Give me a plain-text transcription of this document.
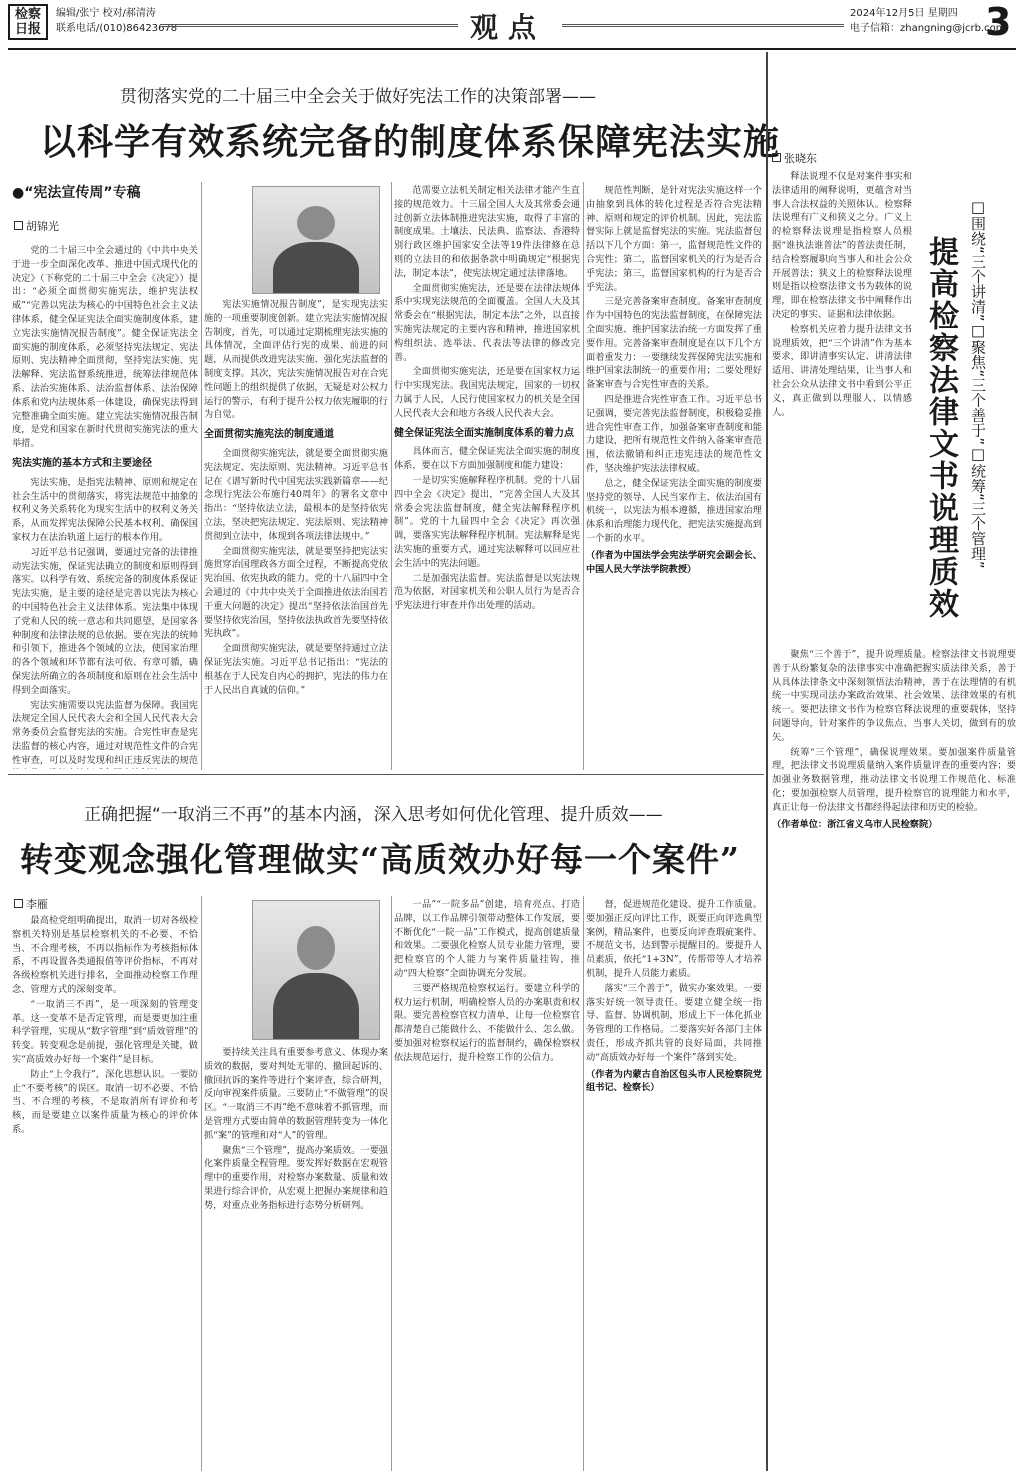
检察日报
编辑/张宁 校对/郝清涛
联系电话/(010)86423678	观点	2024年12月5日 星期四
电子信箱：zhangning@jcrb.com
3
贯彻落实党的二十届三中全会关于做好宪法工作的决策部署——
以科学有效系统完备的制度体系保障宪法实施
●“宪法宣传周”专稿
胡锦光

党的二十届三中全会通过的《中共中央关于进一步全面深化改革、推进中国式现代化的决定》（下称党的二十届三中全会《决定》）提出：“必须全面贯彻实施宪法，维护宪法权威”“完善以宪法为核心的中国特色社会主义法律体系，健全保证宪法全面实施制度体系，建立宪法实施情况报告制度”。健全保证宪法全面实施的制度体系，必须坚持宪法规定、宪法原则、宪法精神全面贯彻，坚持宪法实施、宪法解释、宪法监督系统推进，统筹法律规范体系、法治实施体系、法治监督体系、法治保障体系和党内法规体系一体建设，确保宪法得到完整准确全面实施。建立宪法实施情况报告制度，是党和国家在新时代贯彻实施宪法的重大举措。

宪法实施的基本方式和主要途径

宪法实施，是指宪法精神、原则和规定在社会生活中的贯彻落实，将宪法规范中抽象的权利义务关系转化为现实生活中的权利义务关系，从而发挥宪法保障公民基本权利、确保国家权力在法治轨道上运行的根本作用。

习近平总书记强调，要通过完备的法律推动宪法实施，保证宪法确立的制度和原则得到落实。以科学有效、系统完备的制度体系保证宪法实施，是主要的途径是完善以宪法为核心的中国特色社会主义法律体系。宪法集中体现了党和人民的统一意志和共同愿望，是国家各种制度和法律法规的总依据。要在宪法的统帅和引领下，推进各个领域的立法，使国家治理的各个领域和环节都有法可依、有章可循，确保宪法所确立的各项制度和原则在社会生活中得到全面落实。

宪法实施需要以宪法监督为保障。我国宪法规定全国人民代表大会和全国人民代表大会常务委员会监督宪法的实施。合宪性审查是宪法监督的核心内容，通过对规范性文件的合宪性审查，可以及时发现和纠正违反宪法的规范

宪法实施情况报告制度”，是实现宪法实施的一项重要制度创新。建立宪法实施情况报告制度，首先，可以通过定期梳理宪法实施的具体情况，全面评估行宪的成果、前进的问题，从而提供改进宪法实施、强化宪法监督的制度支撑。其次，宪法实施情况报告对在合宪性问题上的组织提供了依据，无疑是对公权力运行的警示，有利于提升公权力依宪履职的行为自觉。

全面贯彻实施宪法的制度通道

全面贯彻实施宪法，就是要全面贯彻实施宪法规定、宪法原则、宪法精神。习近平总书记在《谱写新时代中国宪法实践新篇章——纪念现行宪法公布施行40周年》的署名文章中指出：“坚持依法立法，最根本的是坚持依宪立法，坚决把宪法规定、宪法原则、宪法精神贯彻到立法中，体现到各项法律法规中。”

全面贯彻实施宪法，就是要坚持把宪法实施贯穿治国理政各方面全过程，不断提高党依宪治国、依宪执政的能力。党的十八届四中全会通过的《中共中央关于全面推进依法治国若干重大问题的决定》提出“坚持依法治国首先要坚持依宪治国，坚持依法执政首先要坚持依宪执政”。

全面贯彻实施宪法，就是要坚持通过立法保证宪法实施。习近平总书记指出：“宪法的根基在于人民发自内心的拥护，宪法的伟力在于人民出自真诚的信仰。”

范需要立法机关制定相关法律才能产生直接的规范效力。十三届全国人大及其常委会通过创新立法体制推进宪法实施，取得了丰富的制度成果。土壤法、民法典、监察法、香港特别行政区维护国家安全法等19件法律修在总则的立法目的和依据条款中明确规定“根据宪法，制定本法”，使宪法规定通过法律落地。

全面贯彻实施宪法，还是要在法律法规体系中实现宪法规范的全面覆盖。全国人大及其常委会在“根据宪法，制定本法”之外，以直接实施宪法规定的主要内容和精神，推进国家机构组织法、选举法、代表法等法律的修改完善。

全面贯彻实施宪法，还是要在国家权力运行中实现宪法。我国宪法规定，国家的一切权力属于人民，人民行使国家权力的机关是全国人民代表大会和地方各级人民代表大会。

健全保证宪法全面实施制度体系的着力点

具体而言，健全保证宪法全面实施的制度体系，要在以下方面加强制度和能力建设：

一是切实实施解释程序机制。党的十八届四中全会《决定》提出，“完善全国人大及其常委会宪法监督制度，健全宪法解释程序机制”。党的十九届四中全会《决定》再次强调，要落实宪法解释程序机制。宪法解释是宪法实施的重要方式，通过宪法解释可以回应社会生活中的宪法问题。

二是加强宪法监督。宪法监督是以宪法规范为依据，对国家机关和公职人员行为是否合乎宪法进行审查并作出处理的活动。

规范性判断，是针对宪法实施这样一个由抽象到具体的转化过程是否符合宪法精神、原则和规定的评价机制。因此，宪法监督实际上就是监督宪法的实施。宪法监督包括以下几个方面：第一，监督规范性文件的合宪性；第二，监督国家机关的行为是否合乎宪法；第三，监督国家机构的行为是否合乎宪法。

三是完善备案审查制度。备案审查制度作为中国特色的宪法监督制度，在保障宪法全面实施、维护国家法治统一方面发挥了重要作用。完善备案审查制度是在以下几个方面着重发力：一要继续发挥保障宪法实施和维护国家法制统一的重要作用；二要处理好备案审查与合宪性审查的关系。

四是推进合宪性审查工作。习近平总书记强调，要完善宪法监督制度，积极稳妥推进合宪性审查工作，加强备案审查制度和能力建设，把所有规范性文件纳入备案审查范围，依法撤销和纠正违宪违法的规范性文件，坚决维护宪法法律权威。

总之，健全保证宪法全面实施的制度要坚持党的领导、人民当家作主、依法治国有机统一，以宪法为根本遵循，推进国家治理体系和治理能力现代化，把宪法实施提高到一个新的水平。

（作者为中国法学会宪法学研究会副会长、中国人民大学法学院教授）
正确把握“一取消三不再”的基本内涵，深入思考如何优化管理、提升质效——
转变观念强化管理做实“高质效办好每一个案件”
李雁

最高检党组明确提出，取消一切对各级检察机关特别是基层检察机关的不必要、不恰当、不合理考核，不再以指标作为考核指标体系，不再设置各类通报值等评价指标，不再对各级检察机关进行排名，全面推动检察工作理念、管理方式的深刻变革。

“一取消三不再”，是一项深刻的管理变革。这一变革不是否定管理，而是要更加注重科学管理，实现从“数字管理”到“质效管理”的转变。转变观念是前提，强化管理是关键，做实“高质效办好每一个案件”是目标。

防止“上令我行”，深化思想认识。一要防止“不要考核”的误区。取消一切不必要、不恰当、不合理的考核，不是取消所有评价和考核，而是要建立以案件质量为核心的评价体系。

要持续关注具有重要参考意义、体现办案质效的数据，要对判处无罪的、撤回起诉的、撤回抗诉的案件等进行个案评查，综合研判，反向审视案件质量。三要防止“不做管理”的误区。“一取消三不再”绝不意味着不抓管理，而是管理方式要由简单的数据管理转变为一体化抓“案”的管理和对“人”的管理。

聚焦“三个管理”，提高办案质效。一要强化案件质量全程管理。要发挥好数据在宏观管理中的重要作用，对检察办案数量、质量和效果进行综合评价，从宏观上把握办案规律和趋势，对重点业务指标进行态势分析研判。

一品”“一院多品”创建，培育亮点、打造品牌，以工作品牌引领带动整体工作发展，要不断优化“一院一品”工作模式，提高创建质量和效果。二要强化检察人员专业能力管理，要把检察官的个人能力与案件质量挂钩，推动“四大检察”全面协调充分发展。

三要严格规范检察权运行。要建立科学的权力运行机制，明确检察人员的办案职责和权限。要完善检察官权力清单，让每一位检察官都清楚自己能做什么、不能做什么、怎么做。要加强对检察权运行的监督制约，确保检察权依法规范运行，提升检察工作的公信力。

督，促进规范化建设、提升工作质量。要加强正反向评比工作，既要正向评选典型案例，精品案件，也要反向评查瑕疵案件、不规范文书，达到警示提醒目的。要提升人员素质，依托“1+3N”，传帮带等人才培养机制，提升人员能力素质。

落实“三个善于”，做实办案效果。一要落实好统一领导责任。要建立健全统一指导、监督、协调机制，形成上下一体化抓业务管理的工作格局。二要落实好各部门主体责任，形成齐抓共管的良好局面，共同推动“高质效办好每一个案件”落到实处。

（作者为内蒙古自治区包头市人民检察院党组书记、检察长）
张晓东
□围绕“三个讲清”□聚焦“三个善于”□统筹“三个管理”
提高检察法律文书说理质效

释法说理不仅是对案件事实和法律适用的阐释说明，更蕴含对当事人合法权益的关照体认。检察释法说理有广义和狭义之分。广义上的检察释法说理是指检察人员根据“谁执法谁普法”的普法责任制，结合检察履职向当事人和社会公众开展普法；狭义上的检察释法说理则是指以检察法律文书为载体的说理，即在检察法律文书中阐释作出决定的事实、证据和法律依据。

检察机关应着力提升法律文书说理质效，把“三个讲清”作为基本要求，即讲清事实认定、讲清法律适用、讲清处理结果，让当事人和社会公众从法律文书中看到公平正义，真正做到以理服人、以情感人。

聚焦“三个善于”，提升说理质量。检察法律文书说理要善于从纷繁复杂的法律事实中准确把握实质法律关系，善于从具体法律条文中深刻领悟法治精神，善于在法理情的有机统一中实现司法办案政治效果、社会效果、法律效果的有机统一。要把法律文书作为检察官释法说理的重要载体，坚持问题导向，针对案件的争议焦点、当事人关切，做到有的放矢。

统筹“三个管理”，确保说理效果。要加强案件质量管理，把法律文书说理质量纳入案件质量评查的重要内容；要加强业务数据管理，推动法律文书说理工作规范化、标准化；要加强检察人员管理，提升检察官的说理能力和水平，真正让每一份法律文书都经得起法律和历史的检验。

（作者单位：浙江省义乌市人民检察院）
